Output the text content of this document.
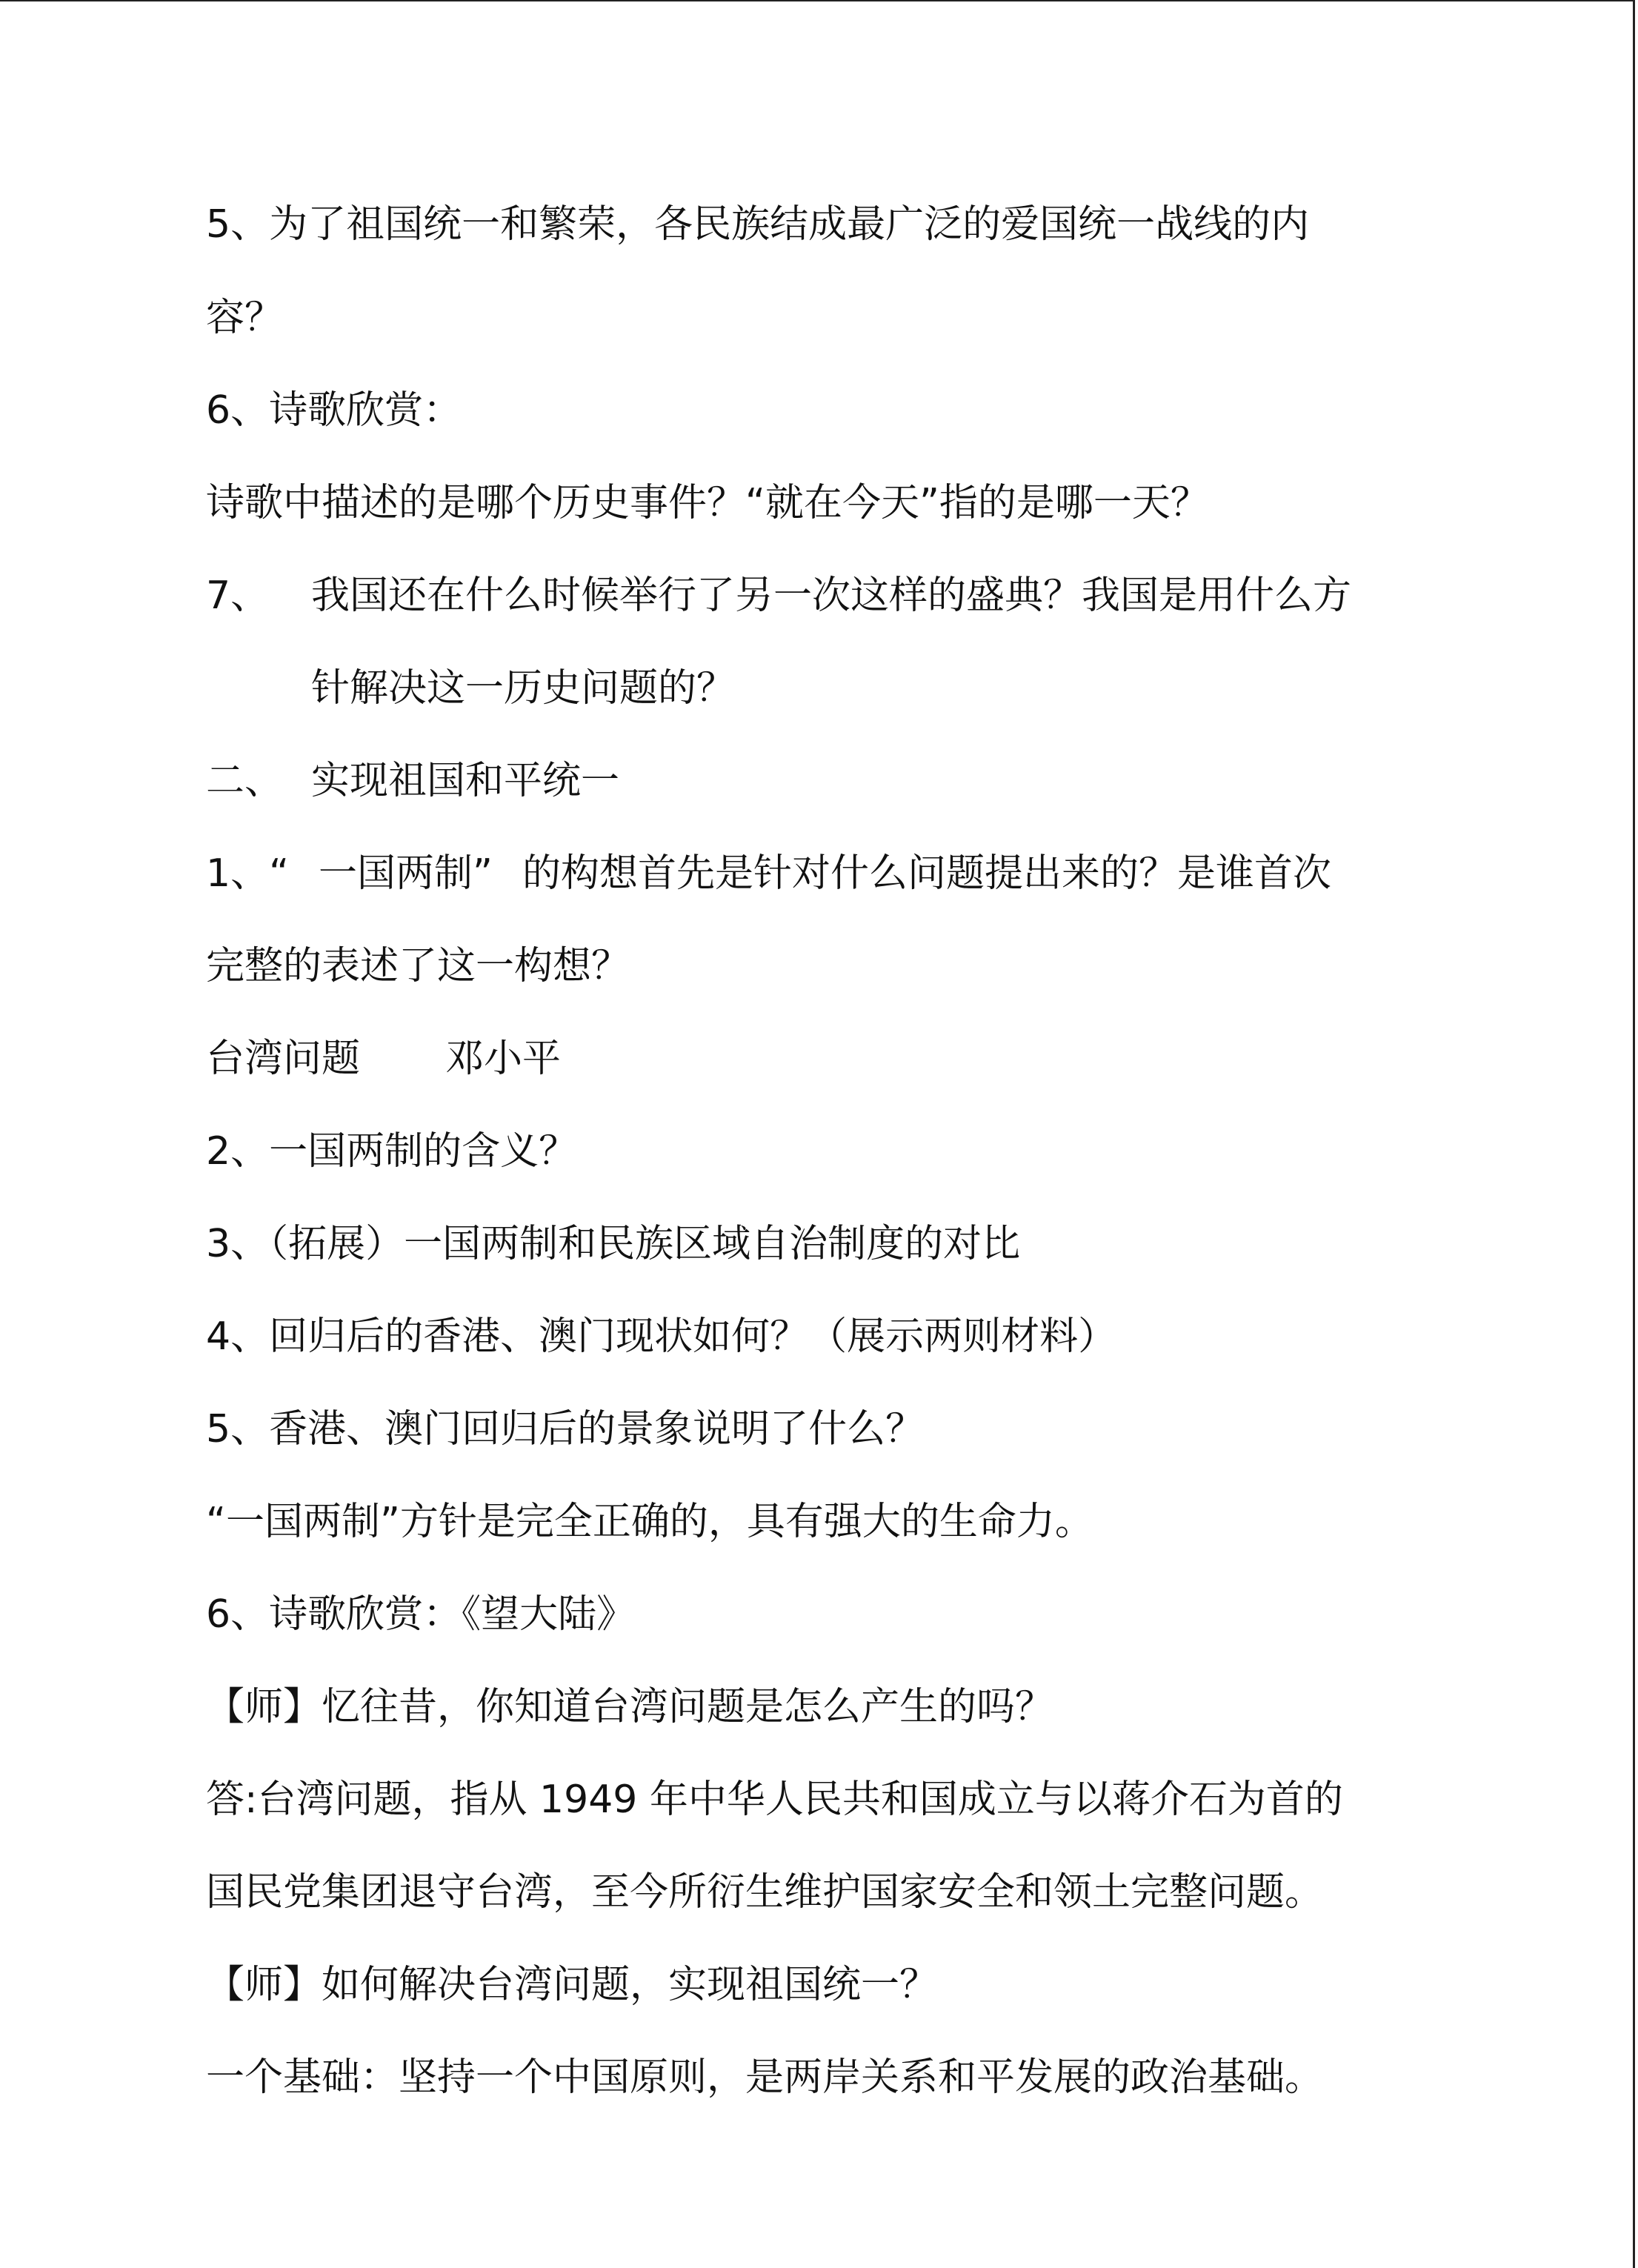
5、为了祖国统一和繁荣，各民族结成最广泛的爱国统一战线的内

容？

6、诗歌欣赏：

诗歌中描述的是哪个历史事件？“就在今天”指的是哪一天？

7、 我国还在什么时候举行了另一次这样的盛典？我国是用什么方
针解决这一历史问题的？
二、 实现祖国和平统一

1、“ 一国两制” 的构想首先是针对什么问题提出来的？是谁首次

完整的表述了这一构想？

台湾问题 邓小平

2、一国两制的含义？

3、（拓展）一国两制和民族区域自治制度的对比

4、回归后的香港、澳门现状如何？（展示两则材料）

5、香港、澳门回归后的景象说明了什么？

“一国两制”方针是完全正确的，具有强大的生命力。

6、诗歌欣赏：《望大陆》

【师】忆往昔，你知道台湾问题是怎么产生的吗？

答:台湾问题，指从 1949 年中华人民共和国成立与以蒋介石为首的

国民党集团退守台湾，至今所衍生维护国家安全和领土完整问题。

【师】如何解决台湾问题，实现祖国统一？

一个基础：坚持一个中国原则，是两岸关系和平发展的政治基础。
